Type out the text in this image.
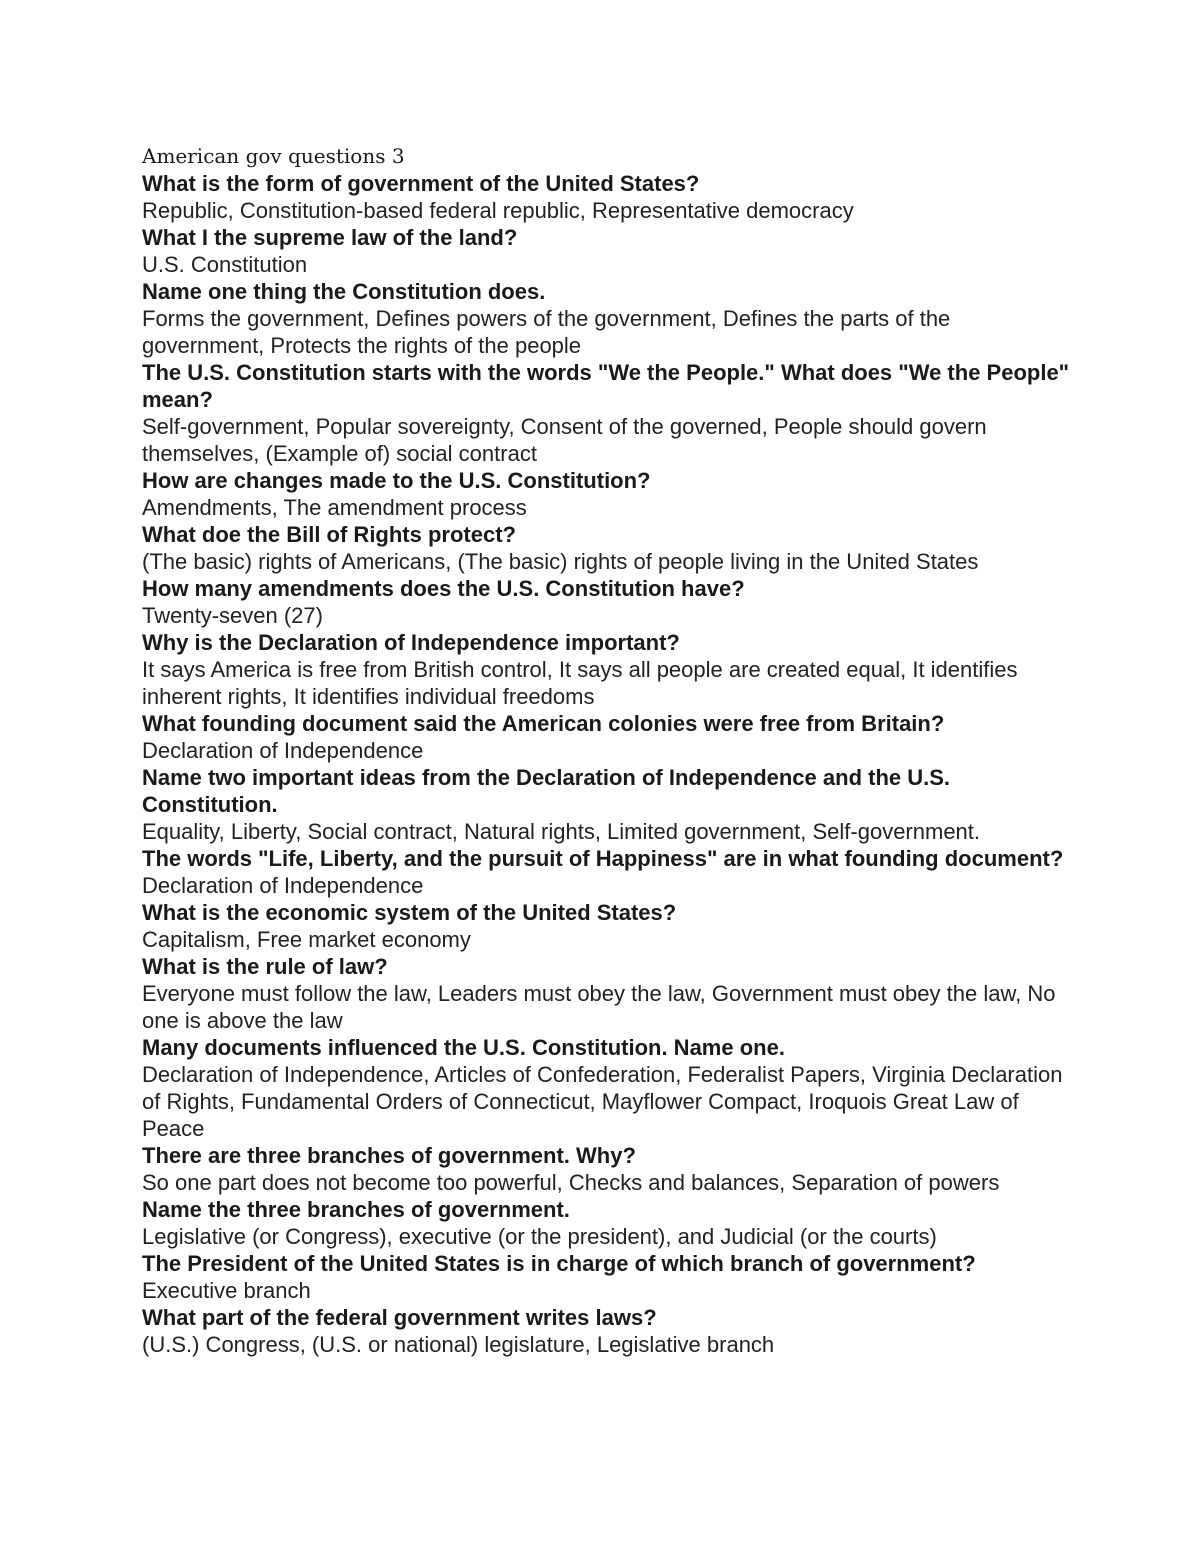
American gov questions 3
What is the form of government of the United States?
Republic, Constitution-based federal republic, Representative democracy
What I the supreme law of the land?
U.S. Constitution
Name one thing the Constitution does.
Forms the government, Defines powers of the government, Defines the parts of the government, Protects the rights of the people
The U.S. Constitution starts with the words "We the People." What does "We the People" mean?
Self-government, Popular sovereignty, Consent of the governed, People should govern themselves, (Example of) social contract
How are changes made to the U.S. Constitution?
Amendments, The amendment process
What doe the Bill of Rights protect?
(The basic) rights of Americans, (The basic) rights of people living in the United States
How many amendments does the U.S. Constitution have?
Twenty-seven (27)
Why is the Declaration of Independence important?
It says America is free from British control, It says all people are created equal, It identifies inherent rights, It identifies individual freedoms
What founding document said the American colonies were free from Britain?
Declaration of Independence
Name two important ideas from the Declaration of Independence and the U.S. Constitution.
Equality, Liberty, Social contract, Natural rights, Limited government, Self-government.
The words "Life, Liberty, and the pursuit of Happiness" are in what founding document?
Declaration of Independence
What is the economic system of the United States?
Capitalism, Free market economy
What is the rule of law?
Everyone must follow the law, Leaders must obey the law, Government must obey the law, No one is above the law
Many documents influenced the U.S. Constitution. Name one.
Declaration of Independence, Articles of Confederation, Federalist Papers, Virginia Declaration of Rights, Fundamental Orders of Connecticut, Mayflower Compact, Iroquois Great Law of Peace
There are three branches of government. Why?
So one part does not become too powerful, Checks and balances, Separation of powers
Name the three branches of government.
Legislative (or Congress), executive (or the president), and Judicial (or the courts)
The President of the United States is in charge of which branch of government?
Executive branch
What part of the federal government writes laws?
(U.S.) Congress, (U.S. or national) legislature, Legislative branch
